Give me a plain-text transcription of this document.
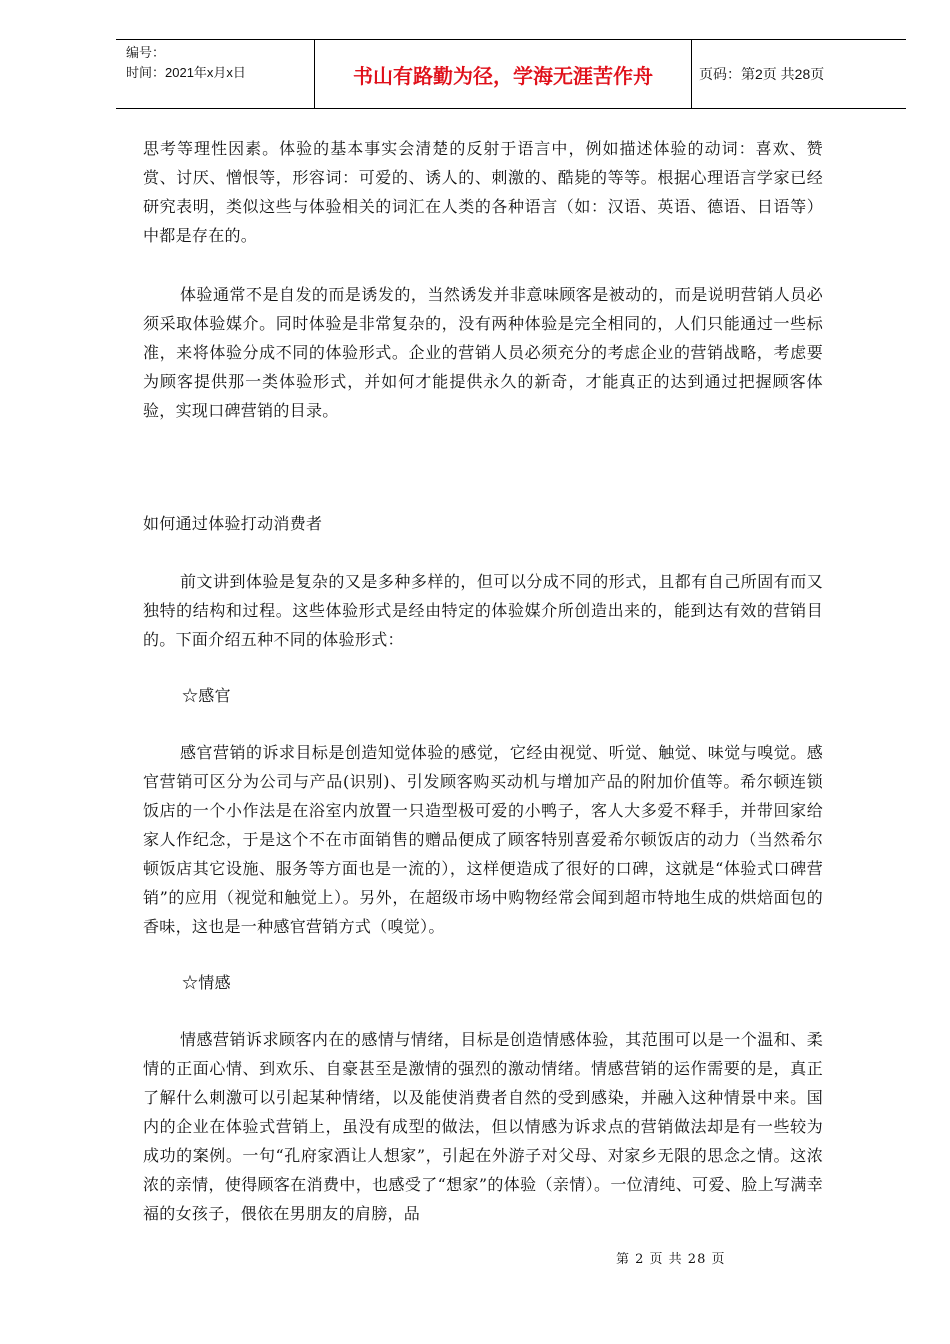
编号：
时间：2021年x月x日	书山有路勤为径，学海无涯苦作舟	页码：第2页 共28页

思考等理性因素。体验的基本事实会清楚的反射于语言中，例如描述体验的动词：喜欢、赞赏、讨厌、憎恨等，形容词：可爱的、诱人的、刺激的、酷毙的等等。根据心理语言学家已经研究表明，类似这些与体验相关的词汇在人类的各种语言（如：汉语、英语、德语、日语等）中都是存在的。

体验通常不是自发的而是诱发的，当然诱发并非意味顾客是被动的，而是说明营销人员必须采取体验媒介。同时体验是非常复杂的，没有两种体验是完全相同的，人们只能通过一些标准，来将体验分成不同的体验形式。企业的营销人员必须充分的考虑企业的营销战略，考虑要为顾客提供那一类体验形式，并如何才能提供永久的新奇，才能真正的达到通过把握顾客体验，实现口碑营销的目录。

如何通过体验打动消费者

前文讲到体验是复杂的又是多种多样的，但可以分成不同的形式，且都有自己所固有而又独特的结构和过程。这些体验形式是经由特定的体验媒介所创造出来的，能到达有效的营销目的。下面介绍五种不同的体验形式：

☆感官

感官营销的诉求目标是创造知觉体验的感觉，它经由视觉、听觉、触觉、味觉与嗅觉。感官营销可区分为公司与产品(识别)、引发顾客购买动机与增加产品的附加价值等。希尔顿连锁饭店的一个小作法是在浴室内放置一只造型极可爱的小鸭子，客人大多爱不释手，并带回家给家人作纪念，于是这个不在市面销售的赠品便成了顾客特别喜爱希尔顿饭店的动力（当然希尔顿饭店其它设施、服务等方面也是一流的），这样便造成了很好的口碑，这就是“体验式口碑营销”的应用（视觉和触觉上）。另外，在超级市场中购物经常会闻到超市特地生成的烘焙面包的香味，这也是一种感官营销方式（嗅觉）。

☆情感

情感营销诉求顾客内在的感情与情绪，目标是创造情感体验，其范围可以是一个温和、柔情的正面心情、到欢乐、自豪甚至是激情的强烈的激动情绪。情感营销的运作需要的是，真正了解什么刺激可以引起某种情绪，以及能使消费者自然的受到感染，并融入这种情景中来。国内的企业在体验式营销上，虽没有成型的做法，但以情感为诉求点的营销做法却是有一些较为成功的案例。一句“孔府家酒让人想家”，引起在外游子对父母、对家乡无限的思念之情。这浓浓的亲情，使得顾客在消费中，也感受了“想家”的体验（亲情）。一位清纯、可爱、脸上写满幸福的女孩子，偎依在男朋友的肩膀，品

第 2 页 共 28 页
